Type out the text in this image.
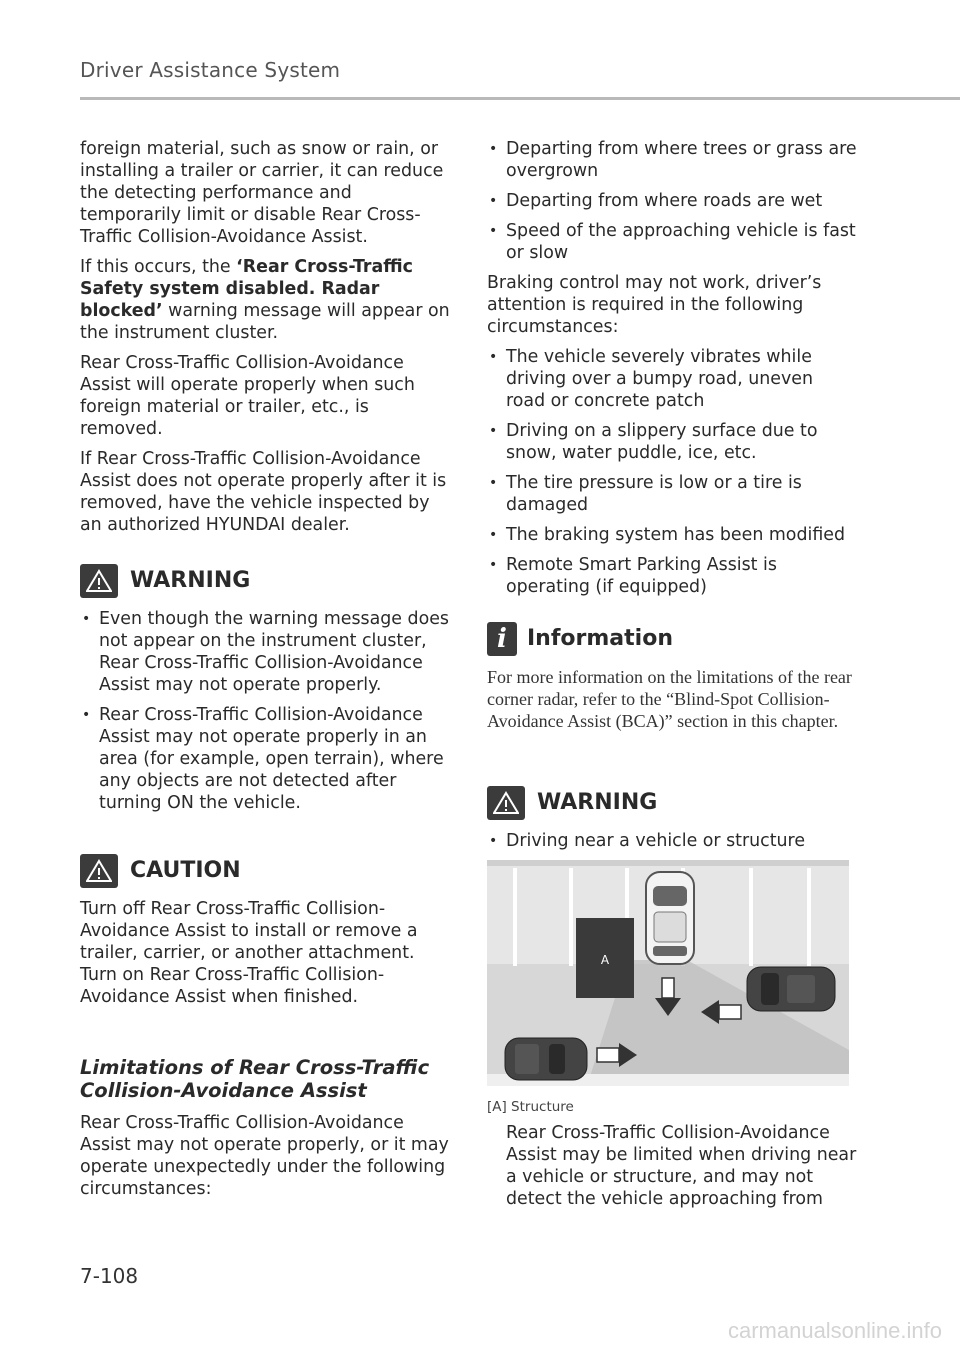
Driver Assistance System

foreign material, such as snow or rain, or installing a trailer or carrier, it can reduce the detecting performance and temporarily limit or disable Rear Cross-Traffic Collision-Avoidance Assist.

If this occurs, the ‘Rear Cross-Traffic Safety system disabled. Radar blocked’ warning message will appear on the instrument cluster.

Rear Cross-Traffic Collision-Avoidance Assist will operate properly when such foreign material or trailer, etc., is removed.

If Rear Cross-Traffic Collision-Avoidance Assist does not operate properly after it is removed, have the vehicle inspected by an authorized HYUNDAI dealer.

WARNING
• Even though the warning message does not appear on the instrument cluster, Rear Cross-Traffic Collision-Avoidance Assist may not operate properly.
• Rear Cross-Traffic Collision-Avoidance Assist may not operate properly in an area (for example, open terrain), where any objects are not detected after turning ON the vehicle.
CAUTION

Turn off Rear Cross-Traffic Collision-Avoidance Assist to install or remove a trailer, carrier, or another attachment. Turn on Rear Cross-Traffic Collision-Avoidance Assist when finished.

Limitations of Rear Cross-Traffic Collision-Avoidance Assist

Rear Cross-Traffic Collision-Avoidance Assist may not operate properly, or it may operate unexpectedly under the following circumstances:

• Departing from where trees or grass are overgrown
• Departing from where roads are wet
• Speed of the approaching vehicle is fast or slow

Braking control may not work, driver’s attention is required in the following circumstances:

• The vehicle severely vibrates while driving over a bumpy road, uneven road or concrete patch
• Driving on a slippery surface due to snow, water puddle, ice, etc.
• The tire pressure is low or a tire is damaged
• The braking system has been modified
• Remote Smart Parking Assist is operating (if equipped)
i Information

For more information on the limitations of the rear corner radar, refer to the “Blind-Spot Collision-Avoidance Assist (BCA)” section in this chapter.

WARNING
• Driving near a vehicle or structure
A

[A] Structure

Rear Cross-Traffic Collision-Avoidance Assist may be limited when driving near a vehicle or structure, and may not detect the vehicle approaching from

7-108
carmanualsonline.info
